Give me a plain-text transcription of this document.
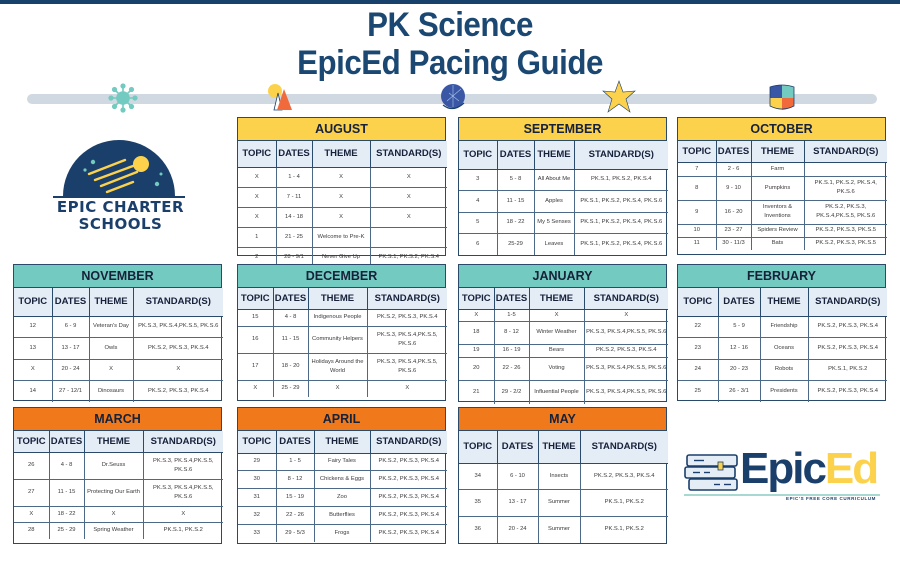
PK Science
EpicEd Pacing Guide
EPIC CHARTER
SCHOOLS
AUGUST
TOPIC	DATES	THEME	STANDARD(S)
X	1 - 4	X	X
X	7 - 11	X	X
X	14 - 18	X	X
1	21 - 25	Welcome to Pre-K	
2	28 - 9/1	Never Give Up	PK.S.1, PK.S.2, PK.S.4
SEPTEMBER
TOPIC	DATES	THEME	STANDARD(S)
3	5 - 8	All About Me	PK.S.1, PK.S.2, PK.S.4
4	11 - 15	Apples	PK.S.1, PK.S.2, PK.S.4, PK.S.6
5	18 - 22	My 5 Senses	PK.S.1, PK.S.2, PK.S.4, PK.S.6
6	25-29	Leaves	PK.S.1, PK.S.2, PK.S.4, PK.S.6
OCTOBER
TOPIC	DATES	THEME	STANDARD(S)
7	2 - 6	Farm	
8	9 - 10	Pumpkins	PK.S.1, PK.S.2, PK.S.4, PK.S.6
9	16 - 20	Inventors & Inventions	PK.S.2, PK.S.3, PK.S.4,PK.S.5, PK.S.6
10	23 - 27	Spiders Review	PK.S.2, PK.S.3, PK.S.5
11	30 - 11/3	Bats	PK.S.2, PK.S.3, PK.S.5
NOVEMBER
TOPIC	DATES	THEME	STANDARD(S)
12	6 - 9	Veteran's Day	PK.S.3, PK.S.4,PK.S.5, PK.S.6
13	13 - 17	Owls	PK.S.2, PK.S.3, PK.S.4
X	20 - 24	X	X
14	27 - 12/1	Dinosaurs	PK.S.2, PK.S.3, PK.S.4
DECEMBER
TOPIC	DATES	THEME	STANDARD(S)
15	4 - 8	Indigenous People	PK.S.2, PK.S.3, PK.S.4
16	11 - 15	Community Helpers	PK.S.3, PK.S.4,PK.S.5, PK.S.6
17	18 - 20	Holidays Around the World	PK.S.3, PK.S.4,PK.S.5, PK.S.6
X	25 - 29	X	X
JANUARY
TOPIC	DATES	THEME	STANDARD(S)
X	1-5	X	X
18	8 - 12	Winter Weather	PK.S.3, PK.S.4,PK.S.5, PK.S.6
19	16 - 19	Bears	PK.S.2, PK.S.3, PK.S.4
20	22 - 26	Voting	PK.S.3, PK.S.4,PK.S.5, PK.S.6
21	29 - 2/2	Influential People	PK.S.3, PK.S.4,PK.S.5, PK.S.6
FEBRUARY
TOPIC	DATES	THEME	STANDARD(S)
22	5 - 9	Friendship	PK.S.2, PK.S.3, PK.S.4
23	12 - 16	Oceans	PK.S.2, PK.S.3, PK.S.4
24	20 - 23	Robots	PK.S.1, PK.S.2
25	26 - 3/1	Presidents	PK.S.2, PK.S.3, PK.S.4
MARCH
TOPIC	DATES	THEME	STANDARD(S)
26	4 - 8	Dr.Seuss	PK.S.3, PK.S.4,PK.S.5, PK.S.6
27	11 - 15	Protecting Our Earth	PK.S.3, PK.S.4,PK.S.5, PK.S.6
X	18 - 22	X	X
28	25 - 29	Spring Weather	PK.S.1, PK.S.2
APRIL
TOPIC	DATES	THEME	STANDARD(S)
29	1 - 5	Fairy Tales	PK.S.2, PK.S.3, PK.S.4
30	8 - 12	Chickens & Eggs	PK.S.2, PK.S.3, PK.S.4
31	15 - 19	Zoo	PK.S.2, PK.S.3, PK.S.4
32	22 - 26	Butterflies	PK.S.2, PK.S.3, PK.S.4
33	29 - 5/3	Frogs	PK.S.2, PK.S.3, PK.S.4
MAY
TOPIC	DATES	THEME	STANDARD(S)
34	6 - 10	Insects	PK.S.2, PK.S.3, PK.S.4
35	13 - 17	Summer	PK.S.1, PK.S.2
36	20 - 24	Summer	PK.S.1, PK.S.2
EpicEd
EPIC'S FREE CORE CURRICULUM
